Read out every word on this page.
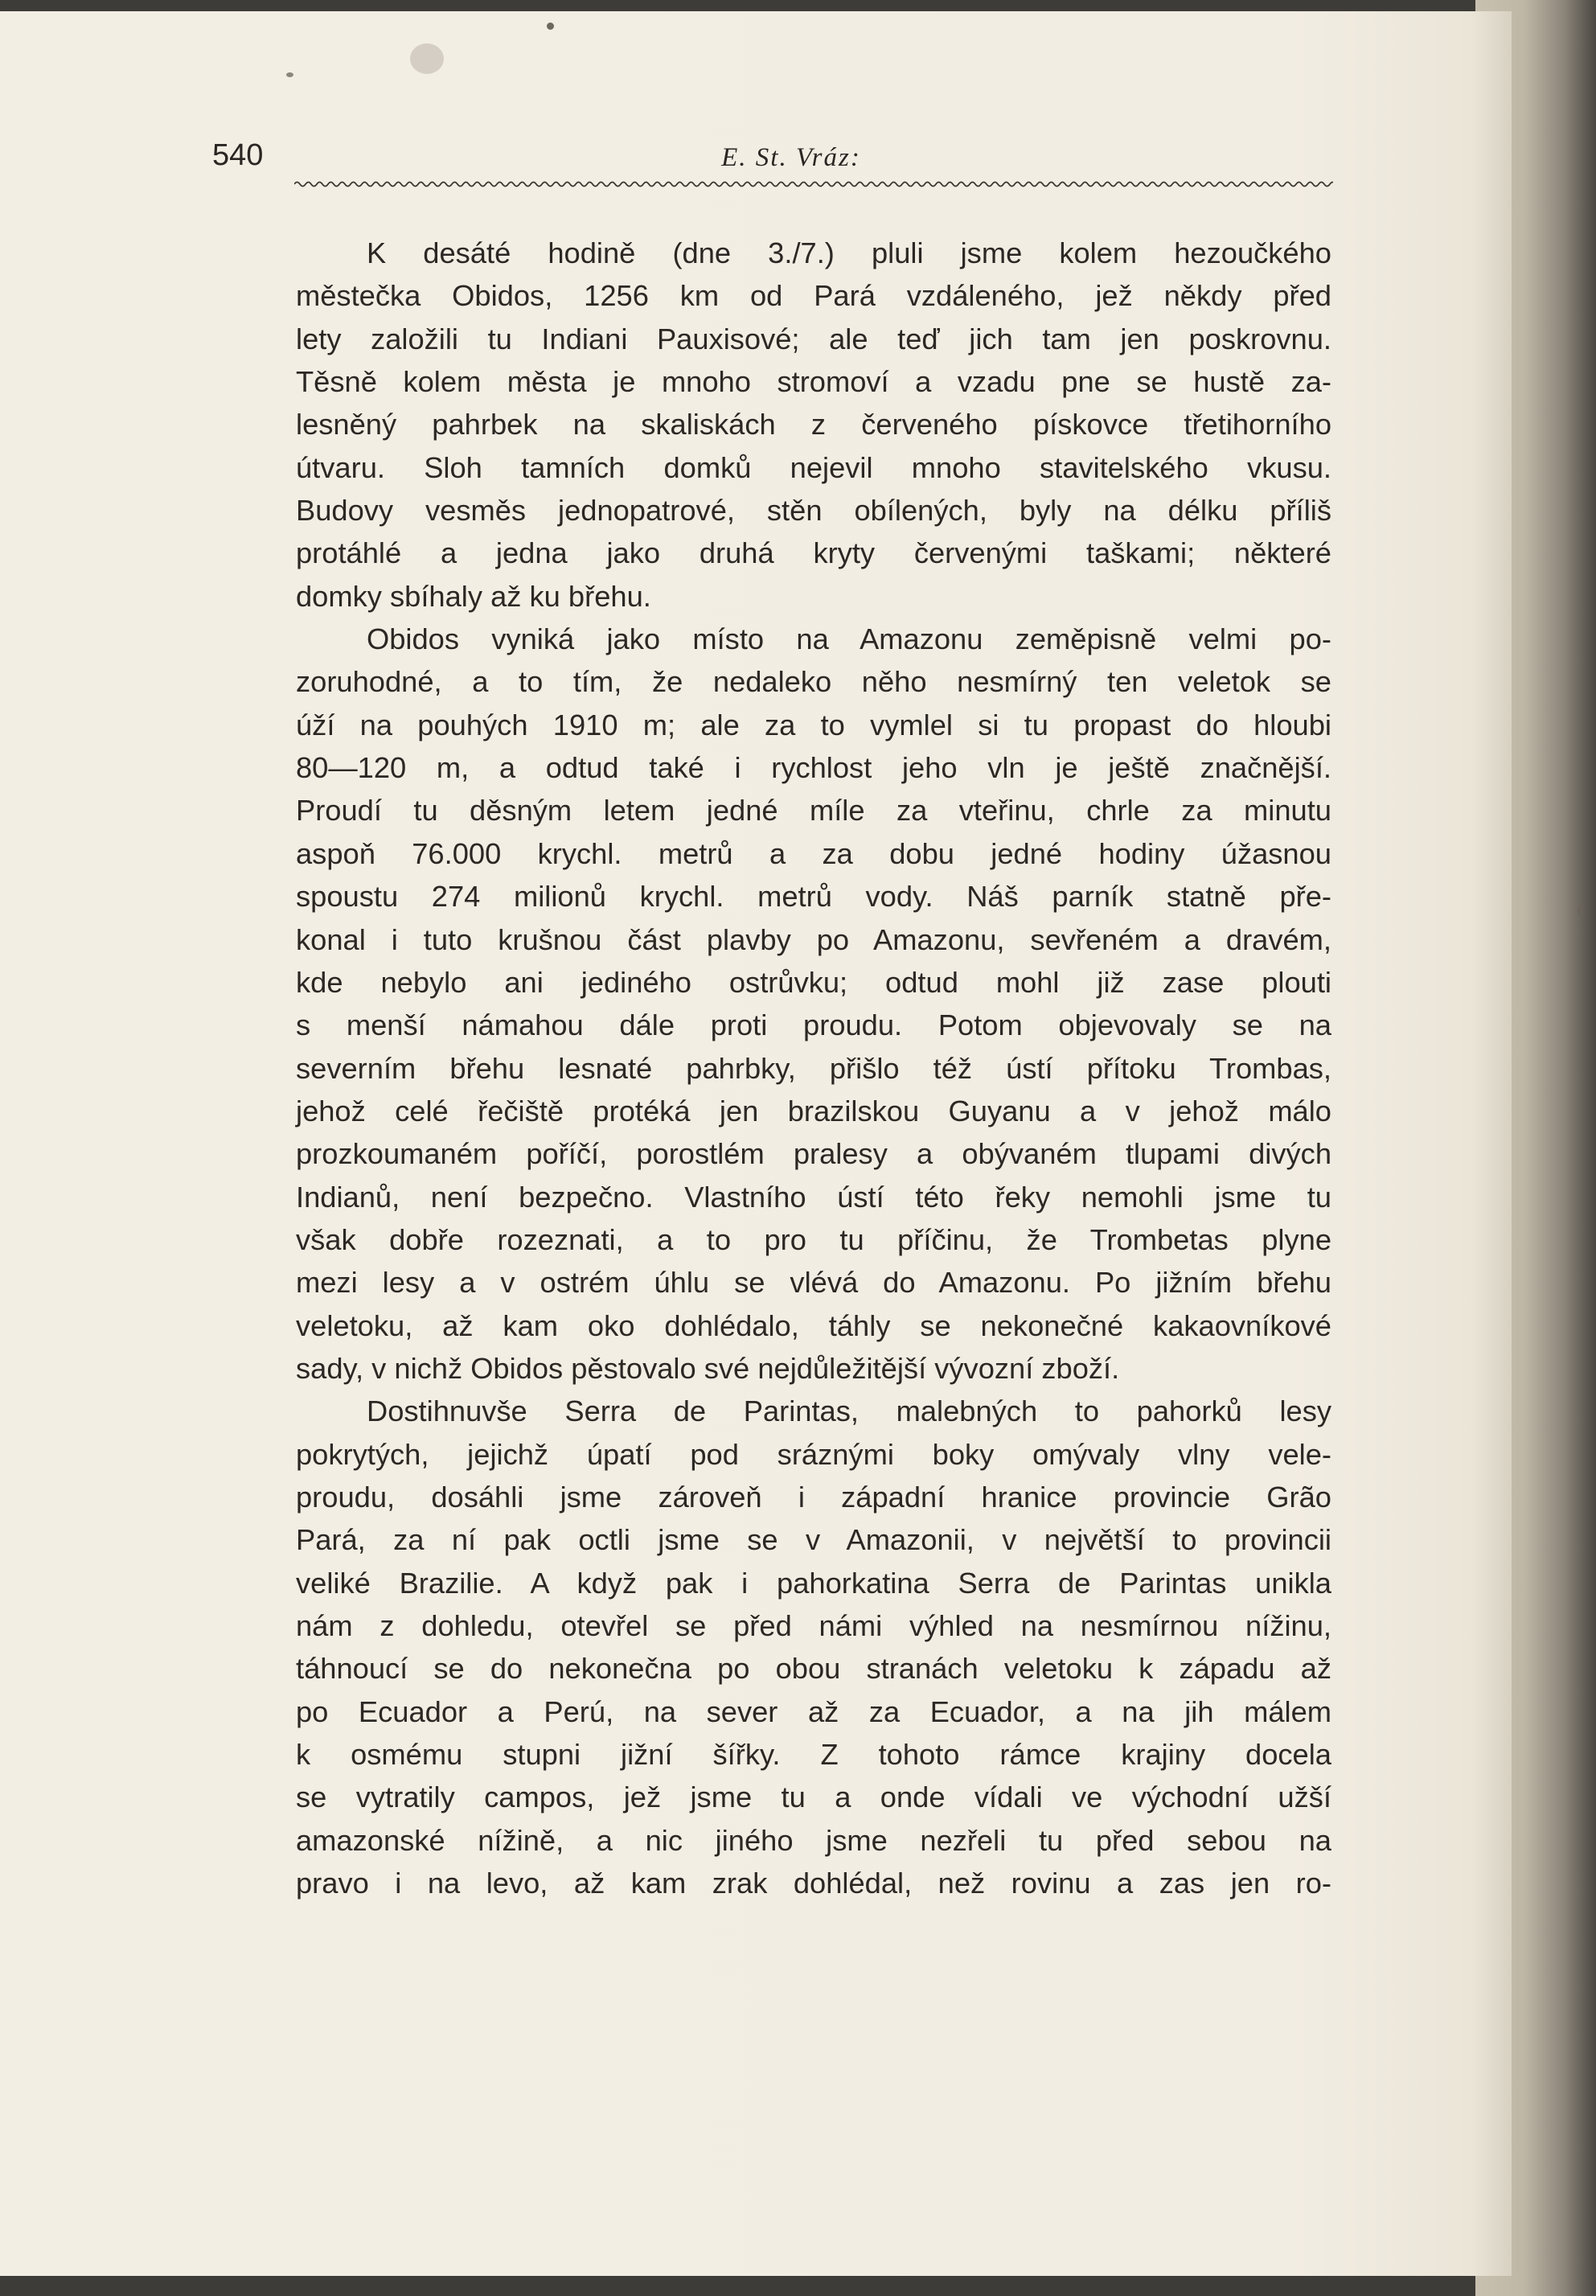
540	E. St. Vráz:
K desáté hodině (dne 3./7.) pluli jsme kolem hezoučkého
městečka Obidos, 1256 km od Pará vzdáleného, jež někdy před
lety založili tu Indiani Pauxisové; ale teď jich tam jen poskrovnu.
Těsně kolem města je mnoho stromoví a vzadu pne se hustě za-
lesněný pahrbek na skaliskách z červeného pískovce třetihorního
útvaru. Sloh tamních domků nejevil mnoho stavitelského vkusu.
Budovy vesměs jednopatrové, stěn obílených, byly na délku příliš
protáhlé a jedna jako druhá kryty červenými taškami; některé
domky sbíhaly až ku břehu.
Obidos vyniká jako místo na Amazonu zeměpisně velmi po-
zoruhodné, a to tím, že nedaleko něho nesmírný ten veletok se
úží na pouhých 1910 m; ale za to vymlel si tu propast do hloubi
80—120 m, a odtud také i rychlost jeho vln je ještě značnější.
Proudí tu děsným letem jedné míle za vteřinu, chrle za minutu
aspoň 76.000 krychl. metrů a za dobu jedné hodiny úžasnou
spoustu 274 milionů krychl. metrů vody. Náš parník statně pře-
konal i tuto krušnou část plavby po Amazonu, sevřeném a dravém,
kde nebylo ani jediného ostrůvku; odtud mohl již zase plouti
s menší námahou dále proti proudu. Potom objevovaly se na
severním břehu lesnaté pahrbky, přišlo též ústí přítoku Trombas,
jehož celé řečiště protéká jen brazilskou Guyanu a v jehož málo
prozkoumaném poříčí, porostlém pralesy a obývaném tlupami divých
Indianů, není bezpečno. Vlastního ústí této řeky nemohli jsme tu
však dobře rozeznati, a to pro tu příčinu, že Trombetas plyne
mezi lesy a v ostrém úhlu se vlévá do Amazonu. Po jižním břehu
veletoku, až kam oko dohlédalo, táhly se nekonečné kakaovníkové
sady, v nichž Obidos pěstovalo své nejdůležitější vývozní zboží.
Dostihnuvše Serra de Parintas, malebných to pahorků lesy
pokrytých, jejichž úpatí pod sráznými boky omývaly vlny vele-
proudu, dosáhli jsme zároveň i západní hranice provincie Grão
Pará, za ní pak octli jsme se v Amazonii, v největší to provincii
veliké Brazilie. A když pak i pahorkatina Serra de Parintas unikla
nám z dohledu, otevřel se před námi výhled na nesmírnou nížinu,
táhnoucí se do nekonečna po obou stranách veletoku k západu až
po Ecuador a Perú, na sever až za Ecuador, a na jih málem
k osmému stupni jižní šířky. Z tohoto rámce krajiny docela
se vytratily campos, jež jsme tu a onde vídali ve východní užší
amazonské nížině, a nic jiného jsme nezřeli tu před sebou na
pravo i na levo, až kam zrak dohlédal, než rovinu a zas jen ro-
